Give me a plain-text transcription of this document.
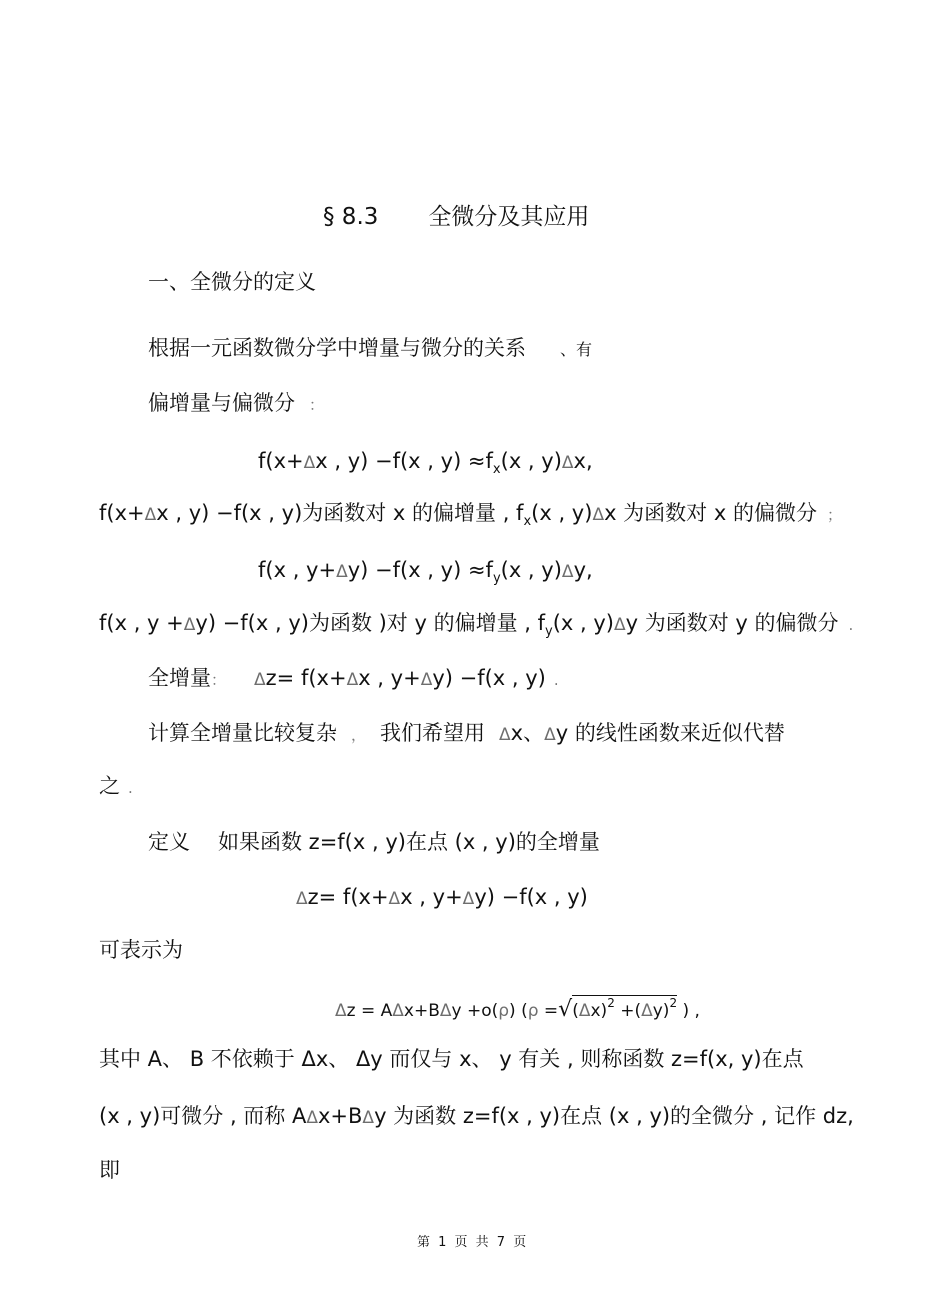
§ 8.3 全微分及其应用
一、全微分的定义
根据一元函数微分学中增量与微分的关系 、有
偏增量与偏微分 ：
f(x+Δx , y) −f(x , $y) \approx f_x(x$ , y)Δx,
f(x+Δx , y) −f(x , y)为函数对 x 的偏增量 , $f_x(x$ , y)Δx 为函数对 x 的偏微分 ；
f(x , y+Δy) −f(x , $y) \approx f_y(x$ , y)Δy,
f(x , y +Δy) −f(x , y)为函数 )对 y 的偏增量 , $f_y(x$ , y)Δy 为函数对 y 的偏微分 .
全增量： Δz= f(x+Δx , y+Δy) −f(x , y) .
计算全增量比较复杂 ， 我们希望用 Δx、Δy 的线性函数来近似代替
之 .
定义 如果函数 z=f(x , y)在点 (x , y)的全增量
Δz= f(x+Δx , y+Δy) −f(x , y)
可表示为
Δz = AΔx+BΔy +o(ρ) ($\rho =√(\Delta x)^2 +(\Delta y)^2$ ) ,
其中 A、 B 不依赖于 Δx、 Δy 而仅与 x、 y 有关 , 则称函数 z=f(x, y)在点
(x , y)可微分 , 而称 AΔx+BΔy 为函数 z=f(x , y)在点 (x , y)的全微分 , 记作 dz,
即
第 1 页 共 7 页
